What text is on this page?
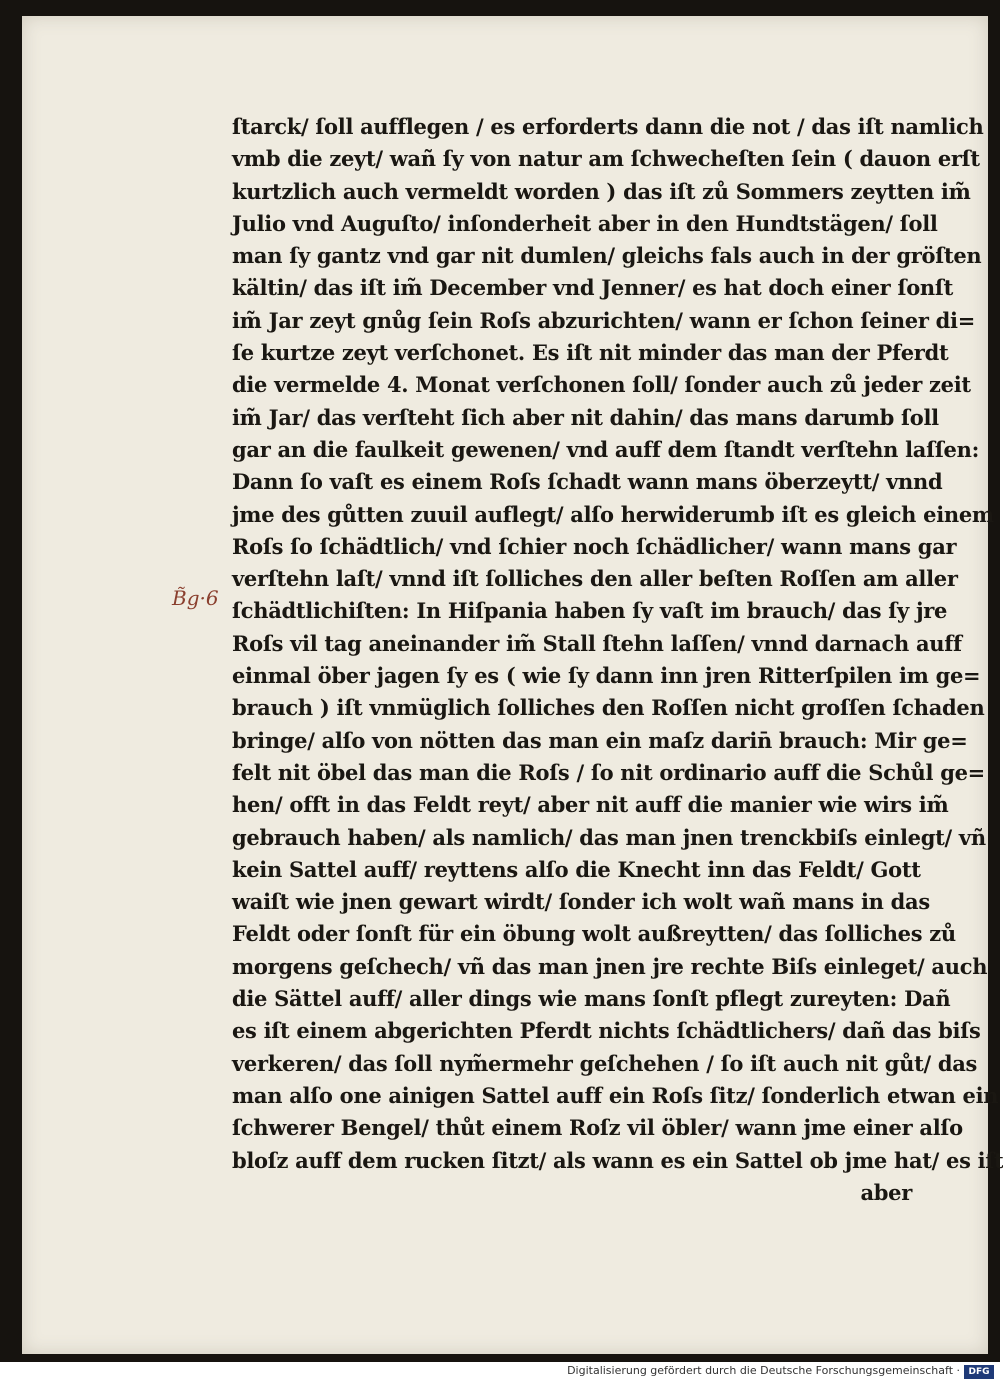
B̃g·6
ſtarck/ ſoll aufflegen / es erforderts dann die not / das iſt namlich
vmb die zeyt/ wañ ſy von natur am ſchwecheſten ſein ( dauon erſt
kurtzlich auch vermeldt worden ) das iſt zů Sommers zeytten im̃
Julio vnd Auguſto/ inſonderheit aber in den Hundtstägen/ ſoll
man ſy gantz vnd gar nit dumlen/ gleichs fals auch in der gröſten
kältin/ das iſt im̃ December vnd Jenner/ es hat doch einer ſonſt
im̃ Jar zeyt gnůg ſein Roſs abzurichten/ wann er ſchon ſeiner di=
ſe kurtze zeyt verſchonet. Es iſt nit minder das man der Pferdt
die vermelde 4. Monat verſchonen ſoll/ ſonder auch zů jeder zeit
im̃ Jar/ das verſteht ſich aber nit dahin/ das mans darumb ſoll
gar an die faulkeit gewenen/ vnd auff dem ſtandt verſtehn laſſen:
Dann ſo vaſt es einem Roſs ſchadt wann mans öberzeytt/ vnnd
jme des gůtten zuuil auflegt/ alſo herwiderumb iſt es gleich einem
Roſs ſo ſchädtlich/ vnd ſchier noch ſchädlicher/ wann mans gar
verſtehn laſt/ vnnd iſt ſolliches den aller beſten Roſſen am aller
ſchädtlichiſten: In Hiſpania haben ſy vaſt im brauch/ das ſy jre
Roſs vil tag aneinander im̃ Stall ſtehn laſſen/ vnnd darnach auff
einmal öber jagen ſy es ( wie ſy dann inn jren Ritterſpilen im ge=
brauch ) iſt vnmüglich ſolliches den Roſſen nicht groſſen ſchaden
bringe/ alſo von nötten das man ein maſz darin̄ brauch: Mir ge=
felt nit öbel das man die Roſs / ſo nit ordinario auff die Schůl ge=
hen/ offt in das Feldt reyt/ aber nit auff die manier wie wirs im̃
gebrauch haben/ als namlich/ das man jnen trenckbiſs einlegt/ vñ
kein Sattel auff/ reyttens alſo die Knecht inn das Feldt/ Gott
waiſt wie jnen gewart wirdt/ ſonder ich wolt wañ mans in das
Feldt oder ſonſt für ein öbung wolt außreytten/ das ſolliches zů
morgens geſchech/ vñ das man jnen jre rechte Biſs einleget/ auch
die Sättel auff/ aller dings wie mans ſonſt pflegt zureyten: Dañ
es iſt einem abgerichten Pferdt nichts ſchädtlichers/ dañ das biſs
verkeren/ das ſoll nym̃ermehr geſchehen / ſo iſt auch nit gůt/ das
man alſo one ainigen Sattel auff ein Roſs ſitz/ ſonderlich etwan ein
ſchwerer Bengel/ thůt einem Roſz vil öbler/ wann jme einer alſo
bloſz auff dem rucken ſitzt/ als wann es ein Sattel ob jme hat/ es iſt
aber
Digitalisierung gefördert durch die Deutsche Forschungsgemeinschaft · DFG
